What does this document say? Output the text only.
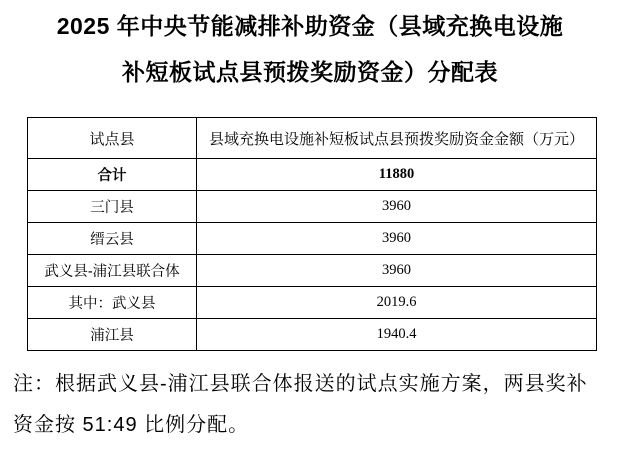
2025 年中央节能减排补助资金（县域充换电设施
补短板试点县预拨奖励资金）分配表
试点县	县域充换电设施补短板试点县预拨奖励资金金额（万元）
合计	11880
三门县	3960
缙云县	3960
武义县-浦江县联合体	3960
其中：武义县	2019.6
浦江县	1940.4
注：根据武义县-浦江县联合体报送的试点实施方案，两县奖补
资金按 51:49 比例分配。
